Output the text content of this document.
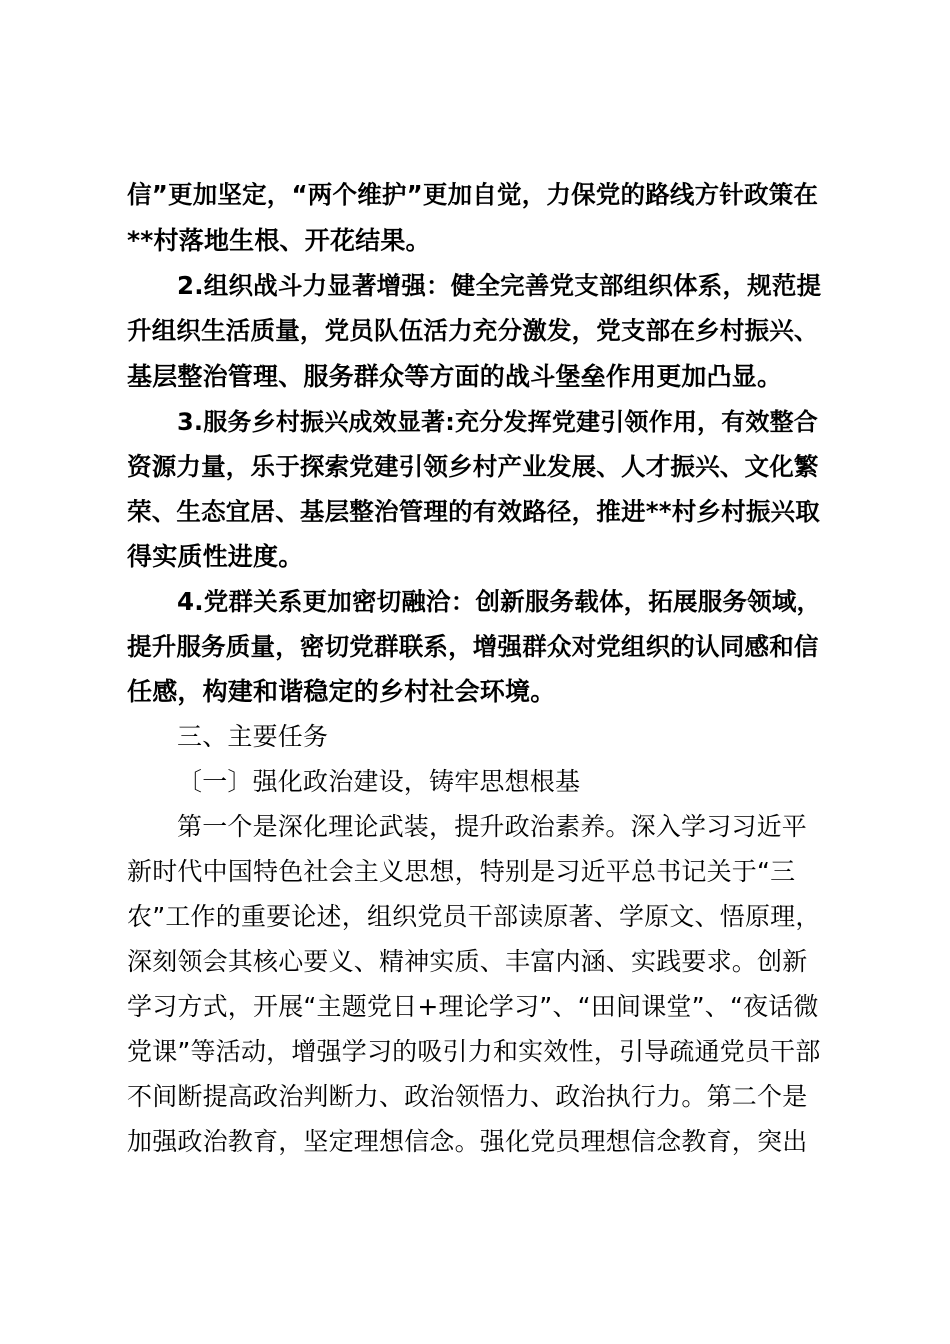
信”更加坚定，“两个维护”更加自觉，力保党的路线方针政策在
**村落地生根、开花结果。
2.组织战斗力显著增强：健全完善党支部组织体系，规范提
升组织生活质量，党员队伍活力充分激发，党支部在乡村振兴、
基层整治管理、服务群众等方面的战斗堡垒作用更加凸显。
3.服务乡村振兴成效显著:充分发挥党建引领作用，有效整合
资源力量，乐于探索党建引领乡村产业发展、人才振兴、文化繁
荣、生态宜居、基层整治管理的有效路径，推进**村乡村振兴取
得实质性进度。
4.党群关系更加密切融洽：创新服务载体，拓展服务领域，
提升服务质量，密切党群联系，增强群众对党组织的认同感和信
任感，构建和谐稳定的乡村社会环境。
三、主要任务
〔一〕强化政治建设，铸牢思想根基
第一个是深化理论武装，提升政治素养。深入学习习近平
新时代中国特色社会主义思想，特别是习近平总书记关于“三
农”工作的重要论述，组织党员干部读原著、学原文、悟原理，
深刻领会其核心要义、精神实质、丰富内涵、实践要求。创新
学习方式，开展“主题党日+理论学习”、“田间课堂”、“夜话微
党课”等活动，增强学习的吸引力和实效性，引导疏通党员干部
不间断提高政治判断力、政治领悟力、政治执行力。第二个是
加强政治教育，坚定理想信念。强化党员理想信念教育，突出
